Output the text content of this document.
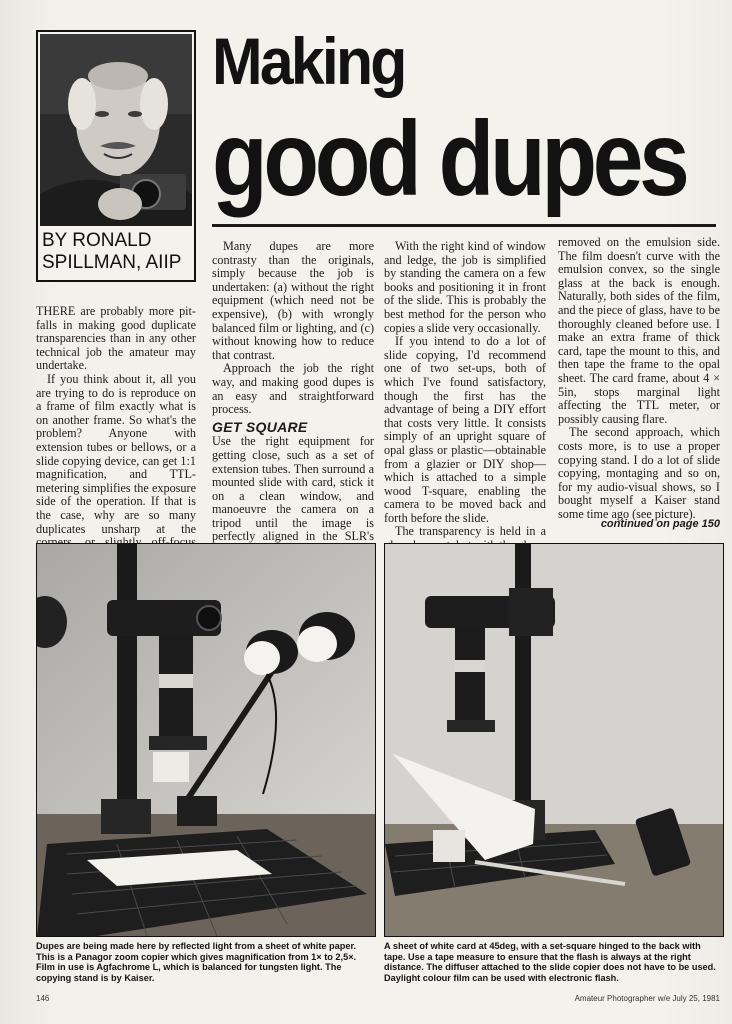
BY RONALD
SPILLMAN, AIIP
Making
good dupes

THERE are probably more pit-falls in making good duplicate transparencies than in any other technical job the amateur may undertake.

If you think about it, all you are trying to do is reproduce on a frame of film exactly what is on another frame. So what's the problem? Anyone with extension tubes or bellows, or a slide copying device, can get 1:1 magnification, and TTL-metering simplifies the exposure side of the operation. If that is the case, why are so many duplicates unsharp at the

Many dupes are more contrasty than the originals, simply because the job is undertaken: (a) without the right equipment (which need not be expensive), (b) with wrongly balanced film or lighting, and (c) without knowing how to reduce that contrast.

Approach the job the right way, and making good dupes is an easy and straightforward process.

GET SQUARE

Use the right equipment for getting close, such as a set of extension tubes. Then surround a mounted slide with card, stick it on a clean window, and manoeuvre the camera on a tripod until the image is perfectly aligned in the SLR's

With the right kind of window and ledge, the job is simplified by standing the camera on a few books and positioning it in front of the slide. This is probably the best method for the person who copies a slide very occasionally.

If you intend to do a lot of slide copying, I'd recommend one of two set-ups, both of which I've found satisfactory, though the first has the advantage of being a DIY effort that costs very little. It consists simply of an upright square of opal glass or plastic—obtainable from a glazier or DIY shop—which is attached to a simple wood T-square, enabling the camera to be moved back and forth before the slide.

The transparency is held in a

removed on the emulsion side. The film doesn't curve with the emulsion convex, so the single glass at the back is enough. Naturally, both sides of the film, and the piece of glass, have to be thoroughly cleaned before use. I make an extra frame of thick card, tape the mount to this, and then tape the frame to the opal sheet. The card frame, about 4 × 5in, stops marginal light affecting the TTL meter, or possibly causing flare.

The second approach, which costs more, is to use a proper copying stand. I do a lot of slide copying, montaging and so on, for my audio-visual shows, so I bought myself a Kaiser stand some time ago (see picture).

continued on page 150
Dupes are being made here by reflected light from a sheet of white paper. This is a Panagor zoom copier which gives magnification from 1× to 2,5×. Film in use is Agfachrome L, which is balanced for tungsten light. The copying stand is by Kaiser.
A sheet of white card at 45deg, with a set-square hinged to the back with tape. Use a tape measure to ensure that the flash is always at the right distance. The diffuser attached to the slide copier does not have to be used. Daylight colour film can be used with electronic flash.
146	Amateur Photographer w/e July 25, 1981
